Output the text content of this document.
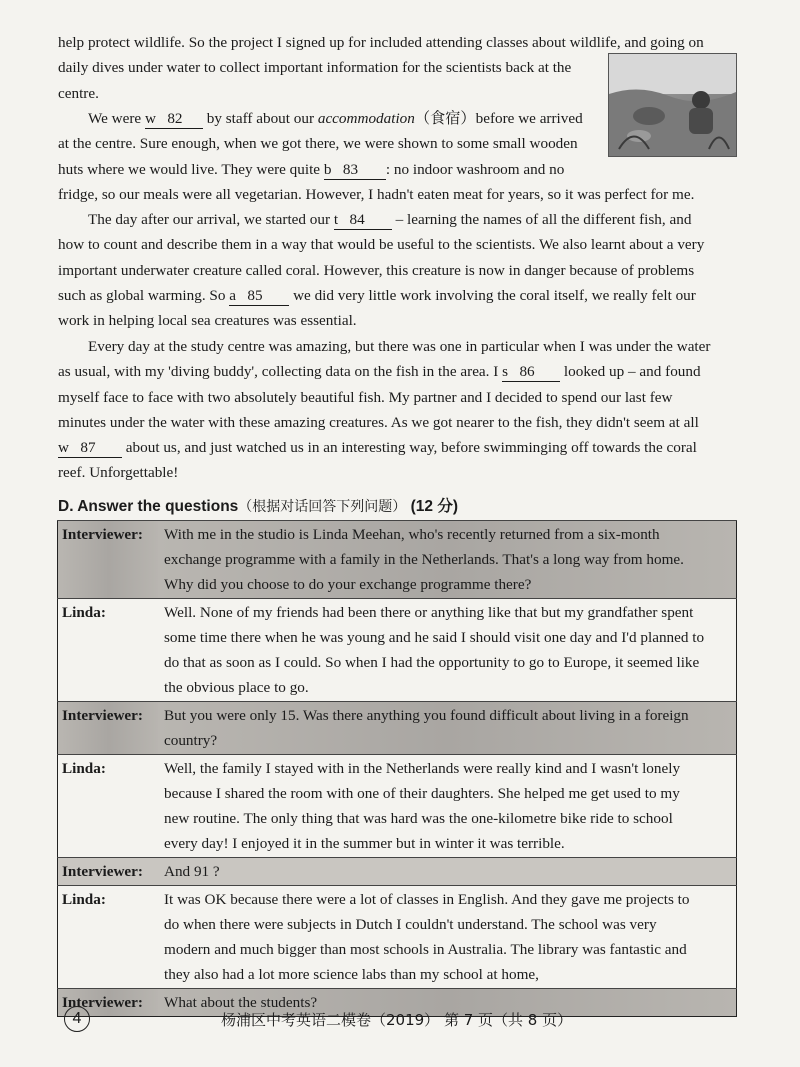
help protect wildlife. So the project I signed up for included attending classes about wildlife, and going on
daily dives under water to collect important information for the scientists back at the
centre.

We were w 82 by staff about our accommodation（食宿）before we arrived
at the centre. Sure enough, when we got there, we were shown to some small wooden
huts where we would live. They were quite b 83 : no indoor washroom and no
fridge, so our meals were all vegetarian. However, I hadn't eaten meat for years, so it was perfect for me.

The day after our arrival, we started our t 84 – learning the names of all the different fish, and
how to count and describe them in a way that would be useful to the scientists. We also learnt about a very
important underwater creature called coral. However, this creature is now in danger because of problems
such as global warming. So a 85 we did very little work involving the coral itself, we really felt our
work in helping local sea creatures was essential.

Every day at the study centre was amazing, but there was one in particular when I was under the water
as usual, with my 'diving buddy', collecting data on the fish in the area. I s 86 looked up – and found
myself face to face with two absolutely beautiful fish. My partner and I decided to spend our last few
minutes under the water with these amazing creatures. As we got nearer to the fish, they didn't seem at all
w 87 about us, and just watched us in an interesting way, before swimminging off towards the coral
reef. Unforgettable!

D. Answer the questions（根据对话回答下列问题） (12 分)
Interviewer:	With me in the studio is Linda Meehan, who's recently returned from a six-month
exchange programme with a family in the Netherlands. That's a long way from home.
Why did you choose to do your exchange programme there?

Linda:	Well. None of my friends had been there or anything like that but my grandfather spent
some time there when he was young and he said I should visit one day and I'd planned to
do that as soon as I could. So when I had the opportunity to go to Europe, it seemed like
the obvious place to go.

Interviewer:	But you were only 15. Was there anything you found difficult about living in a foreign
country?

Linda:	Well, the family I stayed with in the Netherlands were really kind and I wasn't lonely
because I shared the room with one of their daughters. She helped me get used to my
new routine. The only thing that was hard was the one-kilometre bike ride to school
every day! I enjoyed it in the summer but in winter it was terrible.

Interviewer:	And 91 ?

Linda:	It was OK because there were a lot of classes in English. And they gave me projects to
do when there were subjects in Dutch I couldn't understand. The school was very
modern and much bigger than most schools in Australia. The library was fantastic and
they also had a lot more science labs than my school at home,

Interviewer:	What about the students?
4	杨浦区中考英语二模卷（2019） 第 7 页（共 8 页）
